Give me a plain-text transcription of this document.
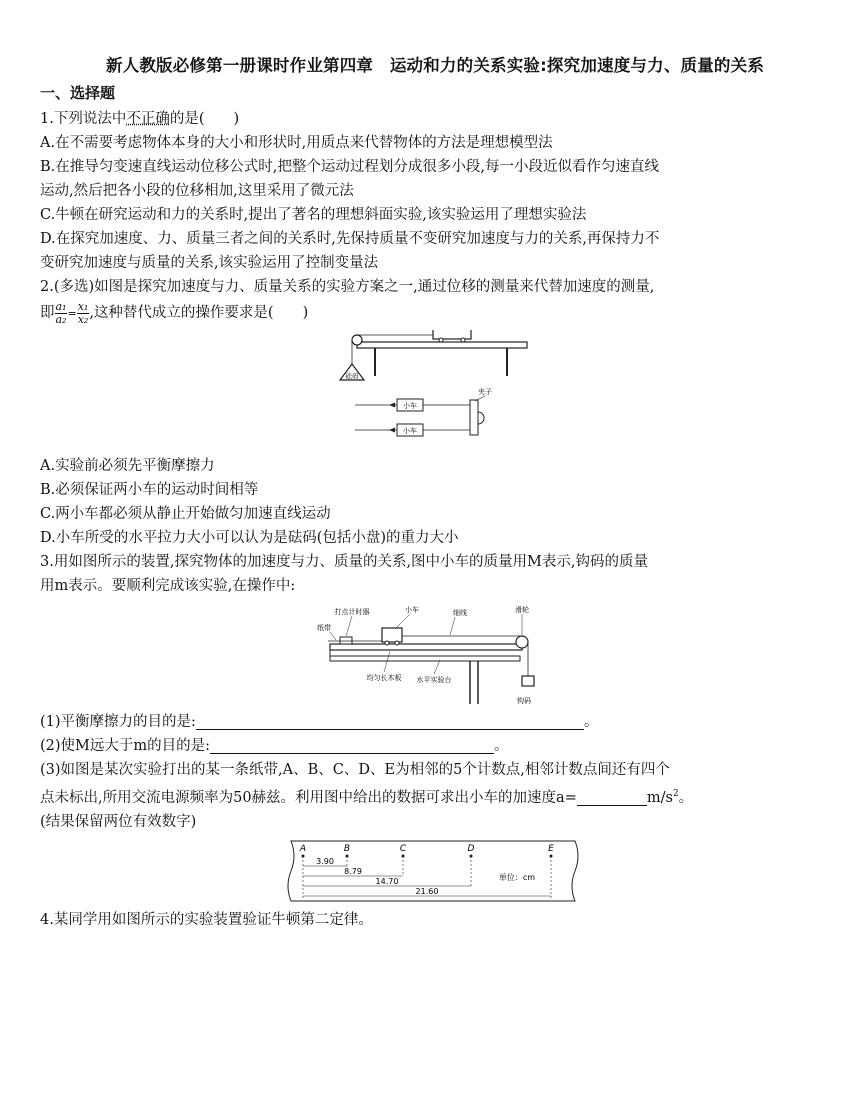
新人教版必修第一册课时作业第四章　运动和力的关系实验:探究加速度与力、质量的关系
一、选择题

1.下列说法中不正确的是(　　)

A.在不需要考虑物体本身的大小和形状时,用质点来代替物体的方法是理想模型法

B.在推导匀变速直线运动位移公式时,把整个运动过程划分成很多小段,每一小段近似看作匀速直线

运动,然后把各小段的位移相加,这里采用了微元法

C.牛顿在研究运动和力的关系时,提出了著名的理想斜面实验,该实验运用了理想实验法

D.在探究加速度、力、质量三者之间的关系时,先保持质量不变研究加速度与力的关系,再保持力不

变研究加速度与质量的关系,该实验运用了控制变量法

2.(多选)如图是探究加速度与力、质量关系的实验方案之一,通过位移的测量来代替加速度的测量,

即 $\frac{\text{a₁}}{\text{a₂}} = \frac{\text{x₁}}{\text{x₂}}$ ,这种替代成立的操作要求是(　　)

砝码
小车
小车
夹子

A.实验前必须先平衡摩擦力

B.必须保证两小车的运动时间相等

C.两小车都必须从静止开始做匀加速直线运动

D.小车所受的水平拉力大小可以认为是砝码(包括小盘)的重力大小

3.用如图所示的装置,探究物体的加速度与力、质量的关系,图中小车的质量用M表示,钩码的质量

用m表示。要顺利完成该实验,在操作中:

打点计时器
纸带
小车	细线	滑轮
均匀长木板 水平实验台
钩码

(1)平衡摩擦力的目的是:	。

(2)使M远大于m的目的是:	。

(3)如图是某次实验打出的某一条纸带,A、B、C、D、E为相邻的5个计数点,相邻计数点间还有四个

点未标出,所用交流电源频率为50赫兹。利用图中给出的数据可求出小车的加速度a=	$m/s^2$。

(结果保留两位有效数字)

A	B	C	D	E
3.90
8.79
14.70
21.60
单位：cm

4.某同学用如图所示的实验装置验证牛顿第二定律。
